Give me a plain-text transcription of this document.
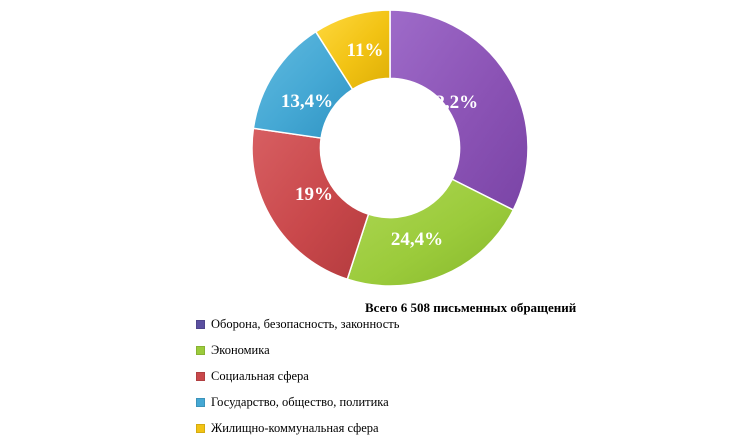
32,2%
24,4%
19%
13,4%
11%
Всего 6 508 письменных обращений
Оборона, безопасность, законность
Экономика
Социальная сфера
Государство, общество, политика
Жилищно-коммунальная сфера
